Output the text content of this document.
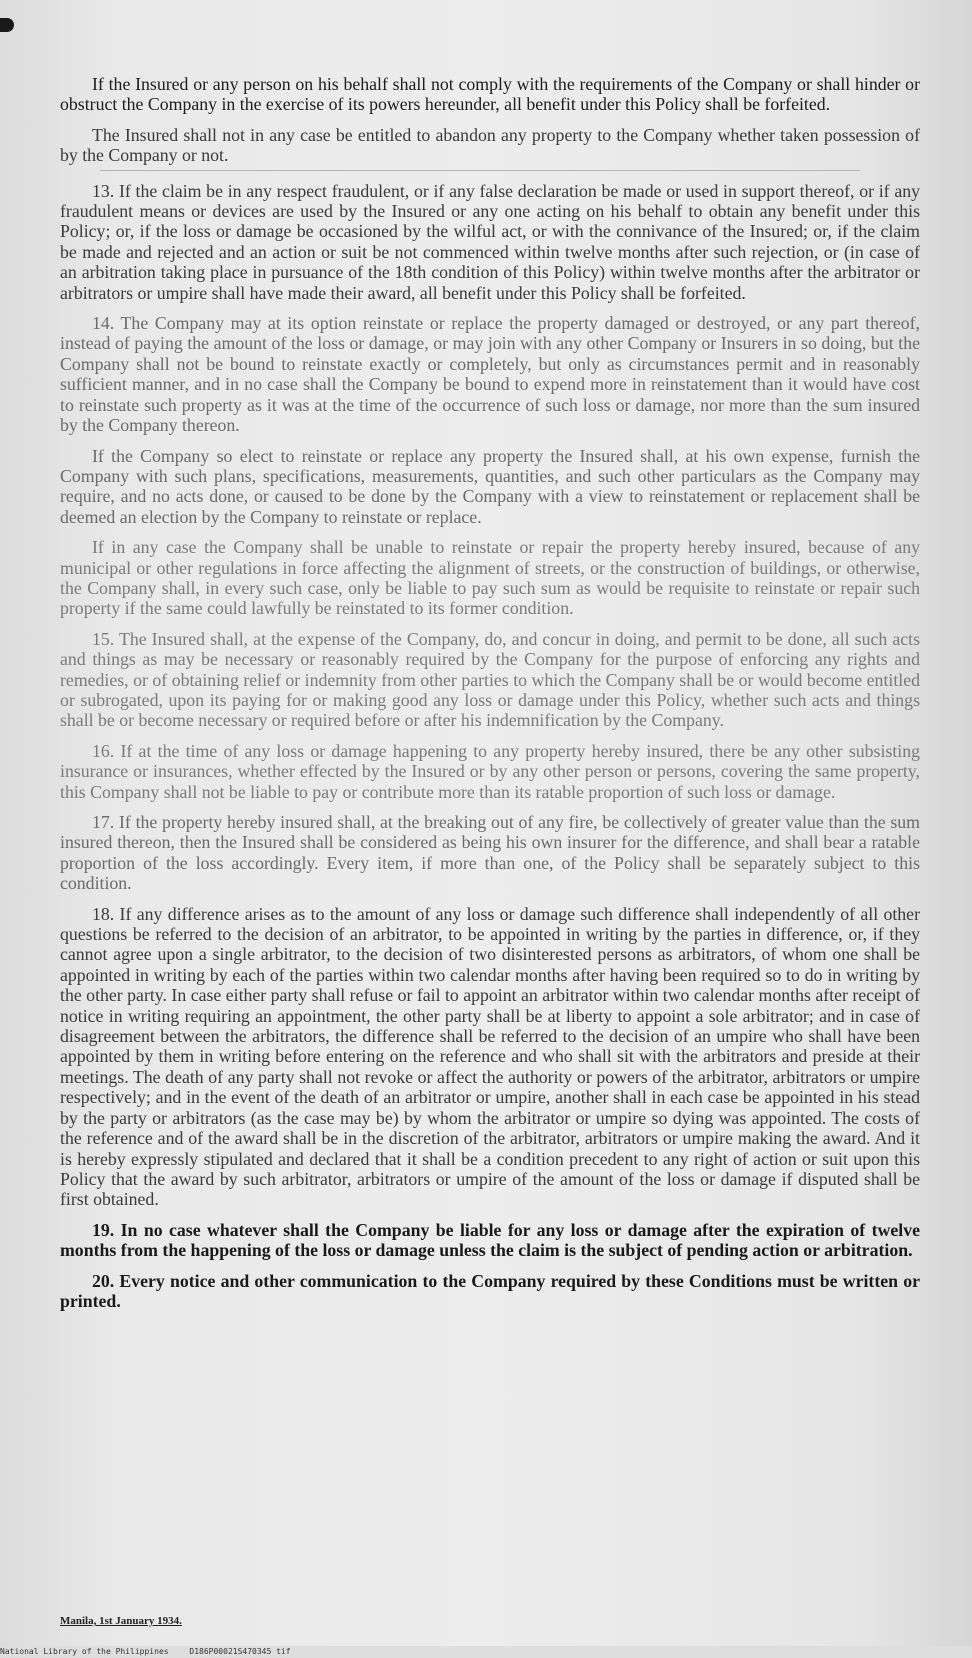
If the Insured or any person on his behalf shall not comply with the requirements of the Company or shall hinder or obstruct the Company in the exercise of its powers hereunder, all benefit under this Policy shall be forfeited.

The Insured shall not in any case be entitled to abandon any property to the Company whether taken possession of by the Company or not.

13. If the claim be in any respect fraudulent, or if any false declaration be made or used in support thereof, or if any fraudulent means or devices are used by the Insured or any one acting on his behalf to obtain any benefit under this Policy; or, if the loss or damage be occasioned by the wilful act, or with the connivance of the Insured; or, if the claim be made and rejected and an action or suit be not commenced within twelve months after such rejection, or (in case of an arbitration taking place in pursuance of the 18th condition of this Policy) within twelve months after the arbitrator or arbitrators or umpire shall have made their award, all benefit under this Policy shall be forfeited.

14. The Company may at its option reinstate or replace the property damaged or destroyed, or any part thereof, instead of paying the amount of the loss or damage, or may join with any other Company or Insurers in so doing, but the Company shall not be bound to reinstate exactly or completely, but only as circumstances permit and in reasonably sufficient manner, and in no case shall the Company be bound to expend more in reinstatement than it would have cost to reinstate such property as it was at the time of the occurrence of such loss or damage, nor more than the sum insured by the Company thereon.

If the Company so elect to reinstate or replace any property the Insured shall, at his own expense, furnish the Company with such plans, specifications, measurements, quantities, and such other particulars as the Company may require, and no acts done, or caused to be done by the Company with a view to reinstatement or replacement shall be deemed an election by the Company to reinstate or replace.

If in any case the Company shall be unable to reinstate or repair the property hereby insured, because of any municipal or other regulations in force affecting the alignment of streets, or the construction of buildings, or otherwise, the Company shall, in every such case, only be liable to pay such sum as would be requisite to reinstate or repair such property if the same could lawfully be reinstated to its former condition.

15. The Insured shall, at the expense of the Company, do, and concur in doing, and permit to be done, all such acts and things as may be necessary or reasonably required by the Company for the purpose of enforcing any rights and remedies, or of obtaining relief or indemnity from other parties to which the Company shall be or would become entitled or subrogated, upon its paying for or making good any loss or damage under this Policy, whether such acts and things shall be or become necessary or required before or after his indemnification by the Company.

16. If at the time of any loss or damage happening to any property hereby insured, there be any other subsisting insurance or insurances, whether effected by the Insured or by any other person or persons, covering the same property, this Company shall not be liable to pay or contribute more than its ratable proportion of such loss or damage.

17. If the property hereby insured shall, at the breaking out of any fire, be collectively of greater value than the sum insured thereon, then the Insured shall be considered as being his own insurer for the difference, and shall bear a ratable proportion of the loss accordingly. Every item, if more than one, of the Policy shall be separately subject to this condition.

18. If any difference arises as to the amount of any loss or damage such difference shall independently of all other questions be referred to the decision of an arbitrator, to be appointed in writing by the parties in difference, or, if they cannot agree upon a single arbitrator, to the decision of two disinterested persons as arbitrators, of whom one shall be appointed in writing by each of the parties within two calendar months after having been required so to do in writing by the other party. In case either party shall refuse or fail to appoint an arbitrator within two calendar months after receipt of notice in writing requiring an appointment, the other party shall be at liberty to appoint a sole arbitrator; and in case of disagreement between the arbitrators, the difference shall be referred to the decision of an umpire who shall have been appointed by them in writing before entering on the reference and who shall sit with the arbitrators and preside at their meetings. The death of any party shall not revoke or affect the authority or powers of the arbitrator, arbitrators or umpire respectively; and in the event of the death of an arbitrator or umpire, another shall in each case be appointed in his stead by the party or arbitrators (as the case may be) by whom the arbitrator or umpire so dying was appointed. The costs of the reference and of the award shall be in the discretion of the arbitrator, arbitrators or umpire making the award. And it is hereby expressly stipulated and declared that it shall be a condition precedent to any right of action or suit upon this Policy that the award by such arbitrator, arbitrators or umpire of the amount of the loss or damage if disputed shall be first obtained.

19. In no case whatever shall the Company be liable for any loss or damage after the expiration of twelve months from the happening of the loss or damage unless the claim is the subject of pending action or arbitration.

20. Every notice and other communication to the Company required by these Conditions must be written or printed.

Manila, 1st January 1934.
National Library of the Philippines	D186P00021S470345 tif
